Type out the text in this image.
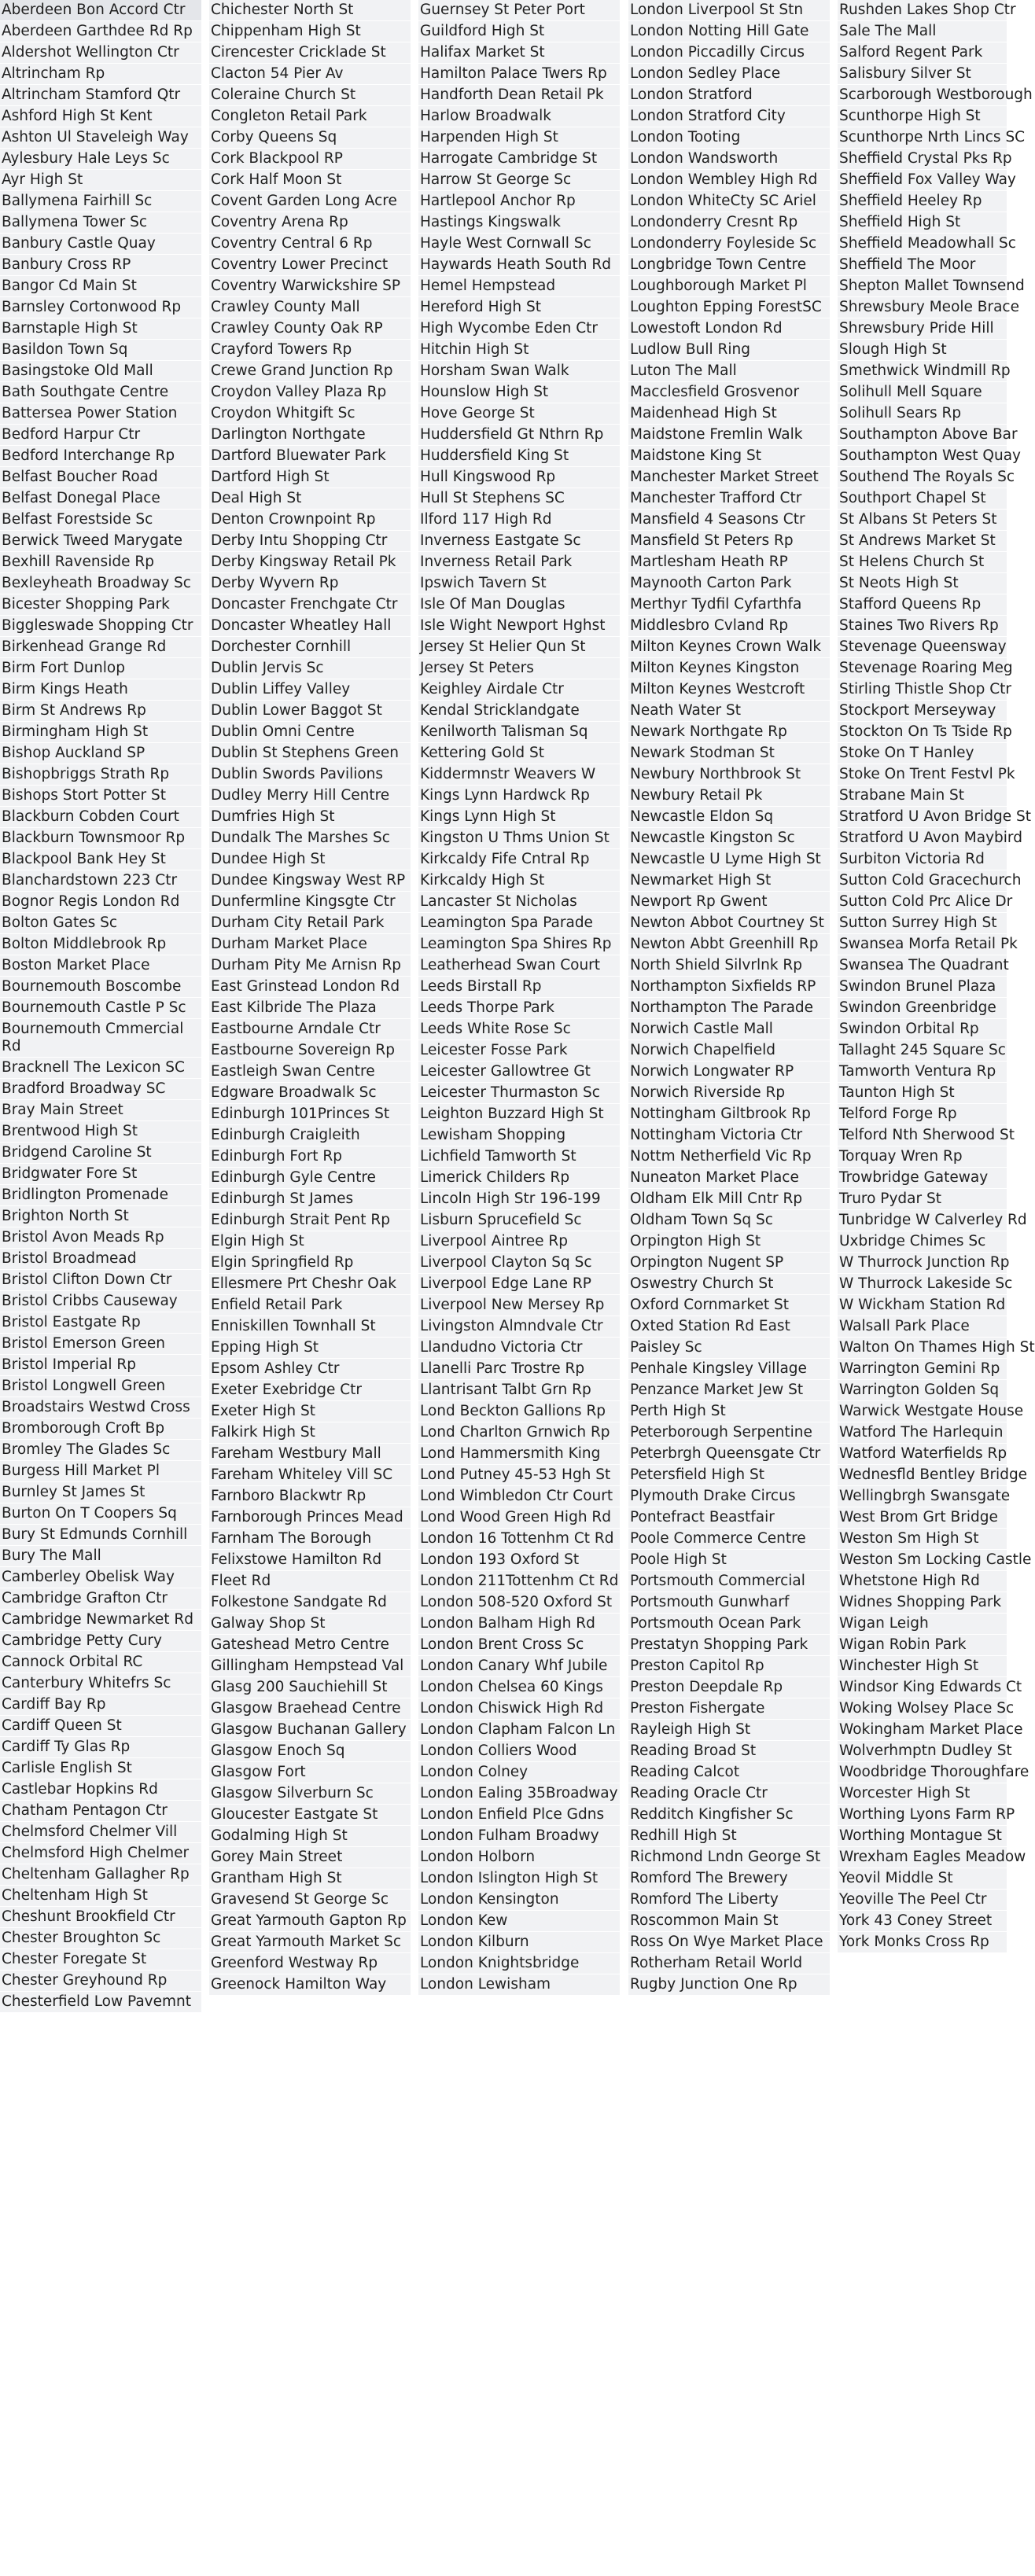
Aberdeen Bon Accord Ctr
Aberdeen Garthdee Rd Rp
Aldershot Wellington Ctr
Altrincham Rp
Altrincham Stamford Qtr
Ashford High St Kent
Ashton Ul Staveleigh Way
Aylesbury Hale Leys Sc
Ayr High St
Ballymena Fairhill Sc
Ballymena Tower Sc
Banbury Castle Quay
Banbury Cross RP
Bangor Cd Main St
Barnsley Cortonwood Rp
Barnstaple High St
Basildon Town Sq
Basingstoke Old Mall
Bath Southgate Centre
Battersea Power Station
Bedford Harpur Ctr
Bedford Interchange Rp
Belfast Boucher Road
Belfast Donegal Place
Belfast Forestside Sc
Berwick Tweed Marygate
Bexhill Ravenside Rp
Bexleyheath Broadway Sc
Bicester Shopping Park
Biggleswade Shopping Ctr
Birkenhead Grange Rd
Birm Fort Dunlop
Birm Kings Heath
Birm St Andrews Rp
Birmingham High St
Bishop Auckland SP
Bishopbriggs Strath Rp
Bishops Stort Potter St
Blackburn Cobden Court
Blackburn Townsmoor Rp
Blackpool Bank Hey St
Blanchardstown 223 Ctr
Bognor Regis London Rd
Bolton Gates Sc
Bolton Middlebrook Rp
Boston Market Place
Bournemouth Boscombe
Bournemouth Castle P Sc
Bournemouth Cmmercial Rd
Bracknell The Lexicon SC
Bradford Broadway SC
Bray Main Street
Brentwood High St
Bridgend Caroline St
Bridgwater Fore St
Bridlington Promenade
Brighton North St
Bristol Avon Meads Rp
Bristol Broadmead
Bristol Clifton Down Ctr
Bristol Cribbs Causeway
Bristol Eastgate Rp
Bristol Emerson Green
Bristol Imperial Rp
Bristol Longwell Green
Broadstairs Westwd Cross
Bromborough Croft Bp
Bromley The Glades Sc
Burgess Hill Market Pl
Burnley St James St
Burton On T Coopers Sq
Bury St Edmunds Cornhill
Bury The Mall
Camberley Obelisk Way
Cambridge Grafton Ctr
Cambridge Newmarket Rd
Cambridge Petty Cury
Cannock Orbital RC
Canterbury Whitefrs Sc
Cardiff Bay Rp
Cardiff Queen St
Cardiff Ty Glas Rp
Carlisle English St
Castlebar Hopkins Rd
Chatham Pentagon Ctr
Chelmsford Chelmer Vill
Chelmsford High Chelmer
Cheltenham Gallagher Rp
Cheltenham High St
Cheshunt Brookfield Ctr
Chester Broughton Sc
Chester Foregate St
Chester Greyhound Rp
Chesterfield Low Pavemnt
Chichester North St
Chippenham High St
Cirencester Cricklade St
Clacton 54 Pier Av
Coleraine Church St
Congleton Retail Park
Corby Queens Sq
Cork Blackpool RP
Cork Half Moon St
Covent Garden Long Acre
Coventry Arena Rp
Coventry Central 6 Rp
Coventry Lower Precinct
Coventry Warwickshire SP
Crawley County Mall
Crawley County Oak RP
Crayford Towers Rp
Crewe Grand Junction Rp
Croydon Valley Plaza Rp
Croydon Whitgift Sc
Darlington Northgate
Dartford Bluewater Park
Dartford High St
Deal High St
Denton Crownpoint Rp
Derby Intu Shopping Ctr
Derby Kingsway Retail Pk
Derby Wyvern Rp
Doncaster Frenchgate Ctr
Doncaster Wheatley Hall
Dorchester Cornhill
Dublin Jervis Sc
Dublin Liffey Valley
Dublin Lower Baggot St
Dublin Omni Centre
Dublin St Stephens Green
Dublin Swords Pavilions
Dudley Merry Hill Centre
Dumfries High St
Dundalk The Marshes Sc
Dundee High St
Dundee Kingsway West RP
Dunfermline Kingsgte Ctr
Durham City Retail Park
Durham Market Place
Durham Pity Me Arnisn Rp
East Grinstead London Rd
East Kilbride The Plaza
Eastbourne Arndale Ctr
Eastbourne Sovereign Rp
Eastleigh Swan Centre
Edgware Broadwalk Sc
Edinburgh 101Princes St
Edinburgh Craigleith
Edinburgh Fort Rp
Edinburgh Gyle Centre
Edinburgh St James
Edinburgh Strait Pent Rp
Elgin High St
Elgin Springfield Rp
Ellesmere Prt Cheshr Oak
Enfield Retail Park
Enniskillen Townhall St
Epping High St
Epsom Ashley Ctr
Exeter Exebridge Ctr
Exeter High St
Falkirk High St
Fareham Westbury Mall
Fareham Whiteley Vill SC
Farnboro Blackwtr Rp
Farnborough Princes Mead
Farnham The Borough
Felixstowe Hamilton Rd
Fleet Rd
Folkestone Sandgate Rd
Galway Shop St
Gateshead Metro Centre
Gillingham Hempstead Val
Glasg 200 Sauchiehill St
Glasgow Braehead Centre
Glasgow Buchanan Gallery
Glasgow Enoch Sq
Glasgow Fort
Glasgow Silverburn Sc
Gloucester Eastgate St
Godalming High St
Gorey Main Street
Grantham High St
Gravesend St George Sc
Great Yarmouth Gapton Rp
Great Yarmouth Market Sc
Greenford Westway Rp
Greenock Hamilton Way
Guernsey St Peter Port
Guildford High St
Halifax Market St
Hamilton Palace Twers Rp
Handforth Dean Retail Pk
Harlow Broadwalk
Harpenden High St
Harrogate Cambridge St
Harrow St George Sc
Hartlepool Anchor Rp
Hastings Kingswalk
Hayle West Cornwall Sc
Haywards Heath South Rd
Hemel Hempstead
Hereford High St
High Wycombe Eden Ctr
Hitchin High St
Horsham Swan Walk
Hounslow High St
Hove George St
Huddersfield Gt Nthrn Rp
Huddersfield King St
Hull Kingswood Rp
Hull St Stephens SC
Ilford 117 High Rd
Inverness Eastgate Sc
Inverness Retail Park
Ipswich Tavern St
Isle Of Man Douglas
Isle Wight Newport Hghst
Jersey St Helier Qun St
Jersey St Peters
Keighley Airdale Ctr
Kendal Stricklandgate
Kenilworth Talisman Sq
Kettering Gold St
Kiddermnstr Weavers W
Kings Lynn Hardwck Rp
Kings Lynn High St
Kingston U Thms Union St
Kirkcaldy Fife Cntral Rp
Kirkcaldy High St
Lancaster St Nicholas
Leamington Spa Parade
Leamington Spa Shires Rp
Leatherhead Swan Court
Leeds Birstall Rp
Leeds Thorpe Park
Leeds White Rose Sc
Leicester Fosse Park
Leicester Gallowtree Gt
Leicester Thurmaston Sc
Leighton Buzzard High St
Lewisham Shopping
Lichfield Tamworth St
Limerick Childers Rp
Lincoln High Str 196-199
Lisburn Sprucefield Sc
Liverpool Aintree Rp
Liverpool Clayton Sq Sc
Liverpool Edge Lane RP
Liverpool New Mersey Rp
Livingston Almndvale Ctr
Llandudno Victoria Ctr
Llanelli Parc Trostre Rp
Llantrisant Talbt Grn Rp
Lond Beckton Gallions Rp
Lond Charlton Grnwich Rp
Lond Hammersmith King
Lond Putney 45-53 Hgh St
Lond Wimbledon Ctr Court
Lond Wood Green High Rd
London 16 Tottenhm Ct Rd
London 193 Oxford St
London 211Tottenhm Ct Rd
London 508-520 Oxford St
London Balham High Rd
London Brent Cross Sc
London Canary Whf Jubile
London Chelsea 60 Kings
London Chiswick High Rd
London Clapham Falcon Ln
London Colliers Wood
London Colney
London Ealing 35Broadway
London Enfield Plce Gdns
London Fulham Broadwy
London Holborn
London Islington High St
London Kensington
London Kew
London Kilburn
London Knightsbridge
London Lewisham
London Liverpool St Stn
London Notting Hill Gate
London Piccadilly Circus
London Sedley Place
London Stratford
London Stratford City
London Tooting
London Wandsworth
London Wembley High Rd
London WhiteCty SC Ariel
Londonderry Cresnt Rp
Londonderry Foyleside Sc
Longbridge Town Centre
Loughborough Market Pl
Loughton Epping ForestSC
Lowestoft London Rd
Ludlow Bull Ring
Luton The Mall
Macclesfield Grosvenor
Maidenhead High St
Maidstone Fremlin Walk
Maidstone King St
Manchester Market Street
Manchester Trafford Ctr
Mansfield 4 Seasons Ctr
Mansfield St Peters Rp
Martlesham Heath RP
Maynooth Carton Park
Merthyr Tydfil Cyfarthfa
Middlesbro Cvland Rp
Milton Keynes Crown Walk
Milton Keynes Kingston
Milton Keynes Westcroft
Neath Water St
Newark Northgate Rp
Newark Stodman St
Newbury Northbrook St
Newbury Retail Pk
Newcastle Eldon Sq
Newcastle Kingston Sc
Newcastle U Lyme High St
Newmarket High St
Newport Rp Gwent
Newton Abbot Courtney St
Newton Abbt Greenhill Rp
North Shield Silvrlnk Rp
Northampton Sixfields RP
Northampton The Parade
Norwich Castle Mall
Norwich Chapelfield
Norwich Longwater RP
Norwich Riverside Rp
Nottingham Giltbrook Rp
Nottingham Victoria Ctr
Nottm Netherfield Vic Rp
Nuneaton Market Place
Oldham Elk Mill Cntr Rp
Oldham Town Sq Sc
Orpington High St
Orpington Nugent SP
Oswestry Church St
Oxford Cornmarket St
Oxted Station Rd East
Paisley Sc
Penhale Kingsley Village
Penzance Market Jew St
Perth High St
Peterborough Serpentine
Peterbrgh Queensgate Ctr
Petersfield High St
Plymouth Drake Circus
Pontefract Beastfair
Poole Commerce Centre
Poole High St
Portsmouth Commercial
Portsmouth Gunwharf
Portsmouth Ocean Park
Prestatyn Shopping Park
Preston Capitol Rp
Preston Deepdale Rp
Preston Fishergate
Rayleigh High St
Reading Broad St
Reading Calcot
Reading Oracle Ctr
Redditch Kingfisher Sc
Redhill High St
Richmond Lndn George St
Romford The Brewery
Romford The Liberty
Roscommon Main St
Ross On Wye Market Place
Rotherham Retail World
Rugby Junction One Rp
Rushden Lakes Shop Ctr
Sale The Mall
Salford Regent Park
Salisbury Silver St
Scarborough Westborough
Scunthorpe High St
Scunthorpe Nrth Lincs SC
Sheffield Crystal Pks Rp
Sheffield Fox Valley Way
Sheffield Heeley Rp
Sheffield High St
Sheffield Meadowhall Sc
Sheffield The Moor
Shepton Mallet Townsend
Shrewsbury Meole Brace
Shrewsbury Pride Hill
Slough High St
Smethwick Windmill Rp
Solihull Mell Square
Solihull Sears Rp
Southampton Above Bar
Southampton West Quay
Southend The Royals Sc
Southport Chapel St
St Albans St Peters St
St Andrews Market St
St Helens Church St
St Neots High St
Stafford Queens Rp
Staines Two Rivers Rp
Stevenage Queensway
Stevenage Roaring Meg
Stirling Thistle Shop Ctr
Stockport Merseyway
Stockton On Ts Tside Rp
Stoke On T Hanley
Stoke On Trent Festvl Pk
Strabane Main St
Stratford U Avon Bridge St
Stratford U Avon Maybird
Surbiton Victoria Rd
Sutton Cold Gracechurch
Sutton Cold Prc Alice Dr
Sutton Surrey High St
Swansea Morfa Retail Pk
Swansea The Quadrant
Swindon Brunel Plaza
Swindon Greenbridge
Swindon Orbital Rp
Tallaght 245 Square Sc
Tamworth Ventura Rp
Taunton High St
Telford Forge Rp
Telford Nth Sherwood St
Torquay Wren Rp
Trowbridge Gateway
Truro Pydar St
Tunbridge W Calverley Rd
Uxbridge Chimes Sc
W Thurrock Junction Rp
W Thurrock Lakeside Sc
W Wickham Station Rd
Walsall Park Place
Walton On Thames High St
Warrington Gemini Rp
Warrington Golden Sq
Warwick Westgate House
Watford The Harlequin
Watford Waterfields Rp
Wednesfld Bentley Bridge
Wellingbrgh Swansgate
West Brom Grt Bridge
Weston Sm High St
Weston Sm Locking Castle
Whetstone High Rd
Widnes Shopping Park
Wigan Leigh
Wigan Robin Park
Winchester High St
Windsor King Edwards Ct
Woking Wolsey Place Sc
Wokingham Market Place
Wolverhmptn Dudley St
Woodbridge Thoroughfare
Worcester High St
Worthing Lyons Farm RP
Worthing Montague St
Wrexham Eagles Meadow
Yeovil Middle St
Yeoville The Peel Ctr
York 43 Coney Street
York Monks Cross Rp
